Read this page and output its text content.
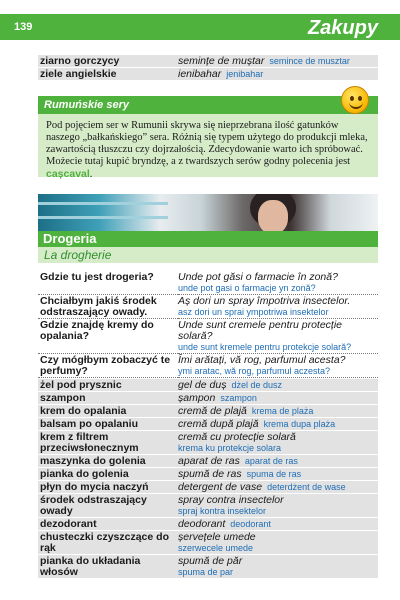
139	Zakupy
ziarno gorczycy	semințe de muștar semince de musztar
ziele angielskie	ienibahar jenibahar
Rumuńskie sery
Pod pojęciem ser w Rumunii skrywa się nieprzebrana ilość gatunków naszego „bałkańskiego” sera. Różnią się typem użytego do produkcji mleka, zawartością tłuszczu czy dojrzałością. Zdecydowanie warto ich spróbować. Możecie tutaj kupić bryndzę, a z twardszych serów godny polecenia jest cașcaval.
Drogeria
La drogherie
Gdzie tu jest drogeria?	Unde pot găsi o farmacie în zonă?
unde pot gasi o farmacje yn zonă?
Chciałbym jakiś środek odstraszający owady.	Aș dori un spray împotriva insectelor.
asz dori un sprai ympotriwa insektelor
Gdzie znajdę kremy do opalania?	Unde sunt cremele pentru protecție solară?
unde sunt kremele pentru protekcje solară?
Czy mógłbym zobaczyć te perfumy?	Îmi arătați, vă rog, parfumul acesta?
ymi aratac, wă rog, parfumul aczesta?
żel pod prysznic	gel de duș dżel de dusz
szampon	șampon szampon
krem do opalania	cremă de plajă krema de plaża
balsam po opalaniu	cremă după plajă krema dupa plaża
krem z filtrem przeciwsłonecznym	cremă cu protecție solară
krema ku protekcje solara
maszynka do golenia	aparat de ras aparat de ras
pianka do golenia	spumă de ras spuma de ras
płyn do mycia naczyń	detergent de vase deterdżent de wase
środek odstraszający owady	spray contra insectelor
spraj kontra insektelor
dezodorant	deodorant deodorant
chusteczki czyszczące do rąk	șervețele umede
szerwecele umede
pianka do układania włosów	spumă de păr
spuma de par
